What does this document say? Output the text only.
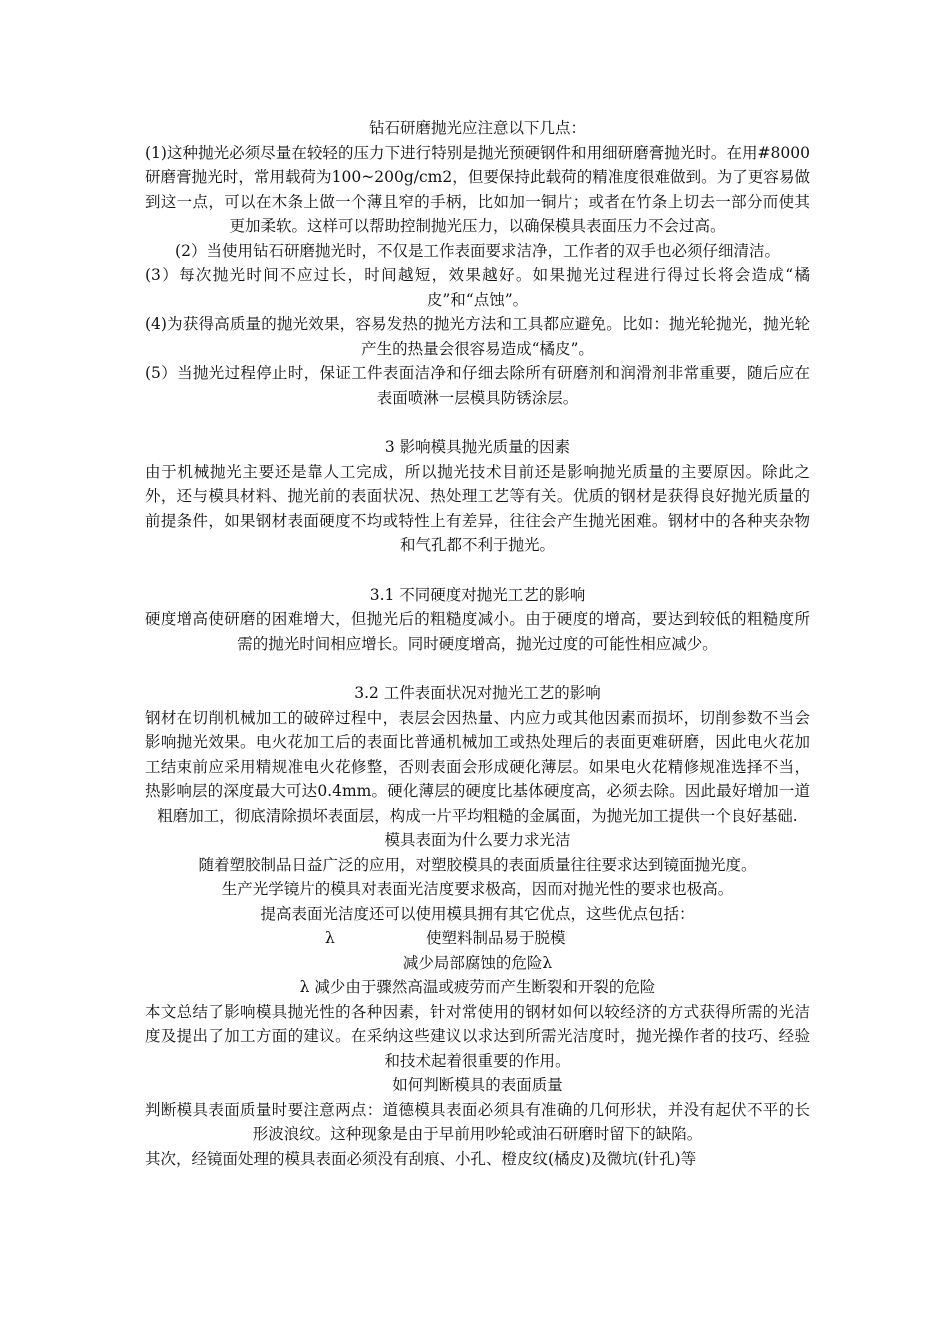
钻石研磨抛光应注意以下几点：

(1)这种抛光必须尽量在较轻的压力下进行特别是抛光预硬钢件和用细研磨膏抛光时。在用#8000研磨膏抛光时，常用载荷为100~200g/cm2，但要保持此载荷的精准度很难做到。为了更容易做到这一点，可以在木条上做一个薄且窄的手柄，比如加一铜片；或者在竹条上切去一部分而使其更加柔软。这样可以帮助控制抛光压力，以确保模具表面压力不会过高。

(2）当使用钻石研磨抛光时，不仅是工作表面要求洁净，工作者的双手也必须仔细清洁。

(3）每次抛光时间不应过长，时间越短，效果越好。如果抛光过程进行得过长将会造成“橘皮”和“点蚀”。

(4)为获得高质量的抛光效果，容易发热的抛光方法和工具都应避免。比如：抛光轮抛光，抛光轮产生的热量会很容易造成“橘皮”。

(5）当抛光过程停止时，保证工件表面洁净和仔细去除所有研磨剂和润滑剂非常重要，随后应在表面喷淋一层模具防锈涂层。

3 影响模具抛光质量的因素

由于机械抛光主要还是靠人工完成，所以抛光技术目前还是影响抛光质量的主要原因。除此之外，还与模具材料、抛光前的表面状况、热处理工艺等有关。优质的钢材是获得良好抛光质量的前提条件，如果钢材表面硬度不均或特性上有差异，往往会产生抛光困难。钢材中的各种夹杂物和气孔都不利于抛光。

3.1 不同硬度对抛光工艺的影响

硬度增高使研磨的困难增大，但抛光后的粗糙度减小。由于硬度的增高，要达到较低的粗糙度所需的抛光时间相应增长。同时硬度增高，抛光过度的可能性相应减少。

3.2 工件表面状况对抛光工艺的影响

钢材在切削机械加工的破碎过程中，表层会因热量、内应力或其他因素而损坏，切削参数不当会影响抛光效果。电火花加工后的表面比普通机械加工或热处理后的表面更难研磨，因此电火花加工结束前应采用精规准电火花修整，否则表面会形成硬化薄层。如果电火花精修规准选择不当，热影响层的深度最大可达0.4mm。硬化薄层的硬度比基体硬度高，必须去除。因此最好增加一道粗磨加工，彻底清除损坏表面层，构成一片平均粗糙的金属面，为抛光加工提供一个良好基础.

模具表面为什么要力求光洁

随着塑胶制品日益广泛的应用，对塑胶模具的表面质量往往要求达到镜面抛光度。

生产光学镜片的模具对表面光洁度要求极高，因而对抛光性的要求也极高。

提高表面光洁度还可以使用模具拥有其它优点，这些优点包括：

λ	使塑料制品易于脱模

减少局部腐蚀的危险λ

λ 减少由于骤然高温或疲劳而产生断裂和开裂的危险

本文总结了影响模具抛光性的各种因素，针对常使用的钢材如何以较经济的方式获得所需的光洁度及提出了加工方面的建议。在采纳这些建议以求达到所需光洁度时，抛光操作者的技巧、经验和技术起着很重要的作用。

如何判断模具的表面质量

判断模具表面质量时要注意两点：道德模具表面必须具有准确的几何形状，并没有起伏不平的长形波浪纹。这种现象是由于早前用吵轮或油石研磨时留下的缺陷。

其次，经镜面处理的模具表面必须没有刮痕、小孔、橙皮纹(橘皮)及微坑(针孔)等
